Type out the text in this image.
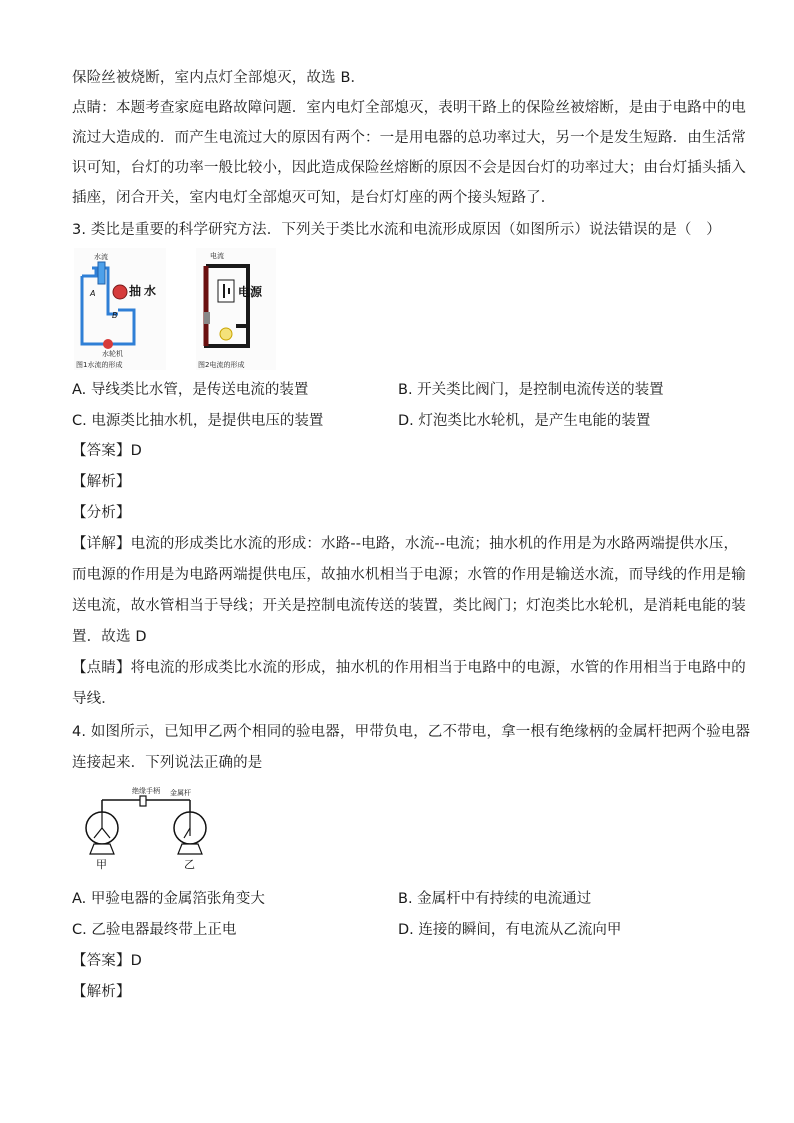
保险丝被烧断，室内点灯全部熄灭，故选 B．
点睛：本题考查家庭电路故障问题．室内电灯全部熄灭，表明干路上的保险丝被熔断，是由于电路中的电
流过大造成的．而产生电流过大的原因有两个：一是用电器的总功率过大，另一个是发生短路．由生活常
识可知，台灯的功率一般比较小，因此造成保险丝熔断的原因不会是因台灯的功率过大；由台灯插头插入
插座，闭合开关，室内电灯全部熄灭可知，是台灯灯座的两个接头短路了．
3. 类比是重要的科学研究方法．下列关于类比水流和电流形成原因（如图所示）说法错误的是（　）
水流
A
B
抽 水
水轮机
图1水流的形成
电流
电源
图2电流的形成
A. 导线类比水管，是传送电流的装置	B. 开关类比阀门，是控制电流传送的装置
C. 电源类比抽水机，是提供电压的装置	D. 灯泡类比水轮机，是产生电能的装置
【答案】D
【解析】
【分析】
【详解】电流的形成类比水流的形成：水路--电路，水流--电流；抽水机的作用是为水路两端提供水压，
而电源的作用是为电路两端提供电压，故抽水机相当于电源；水管的作用是输送水流，而导线的作用是输
送电流，故水管相当于导线；开关是控制电流传送的装置，类比阀门；灯泡类比水轮机，是消耗电能的装
置．故选 D
【点睛】将电流的形成类比水流的形成，抽水机的作用相当于电路中的电源，水管的作用相当于电路中的
导线．
4. 如图所示，已知甲乙两个相同的验电器，甲带负电，乙不带电，拿一根有绝缘柄的金属杆把两个验电器
连接起来．下列说法正确的是
绝缘手柄 金属杆
甲	乙
A. 甲验电器的金属箔张角变大	B. 金属杆中有持续的电流通过
C. 乙验电器最终带上正电	D. 连接的瞬间，有电流从乙流向甲
【答案】D
【解析】
